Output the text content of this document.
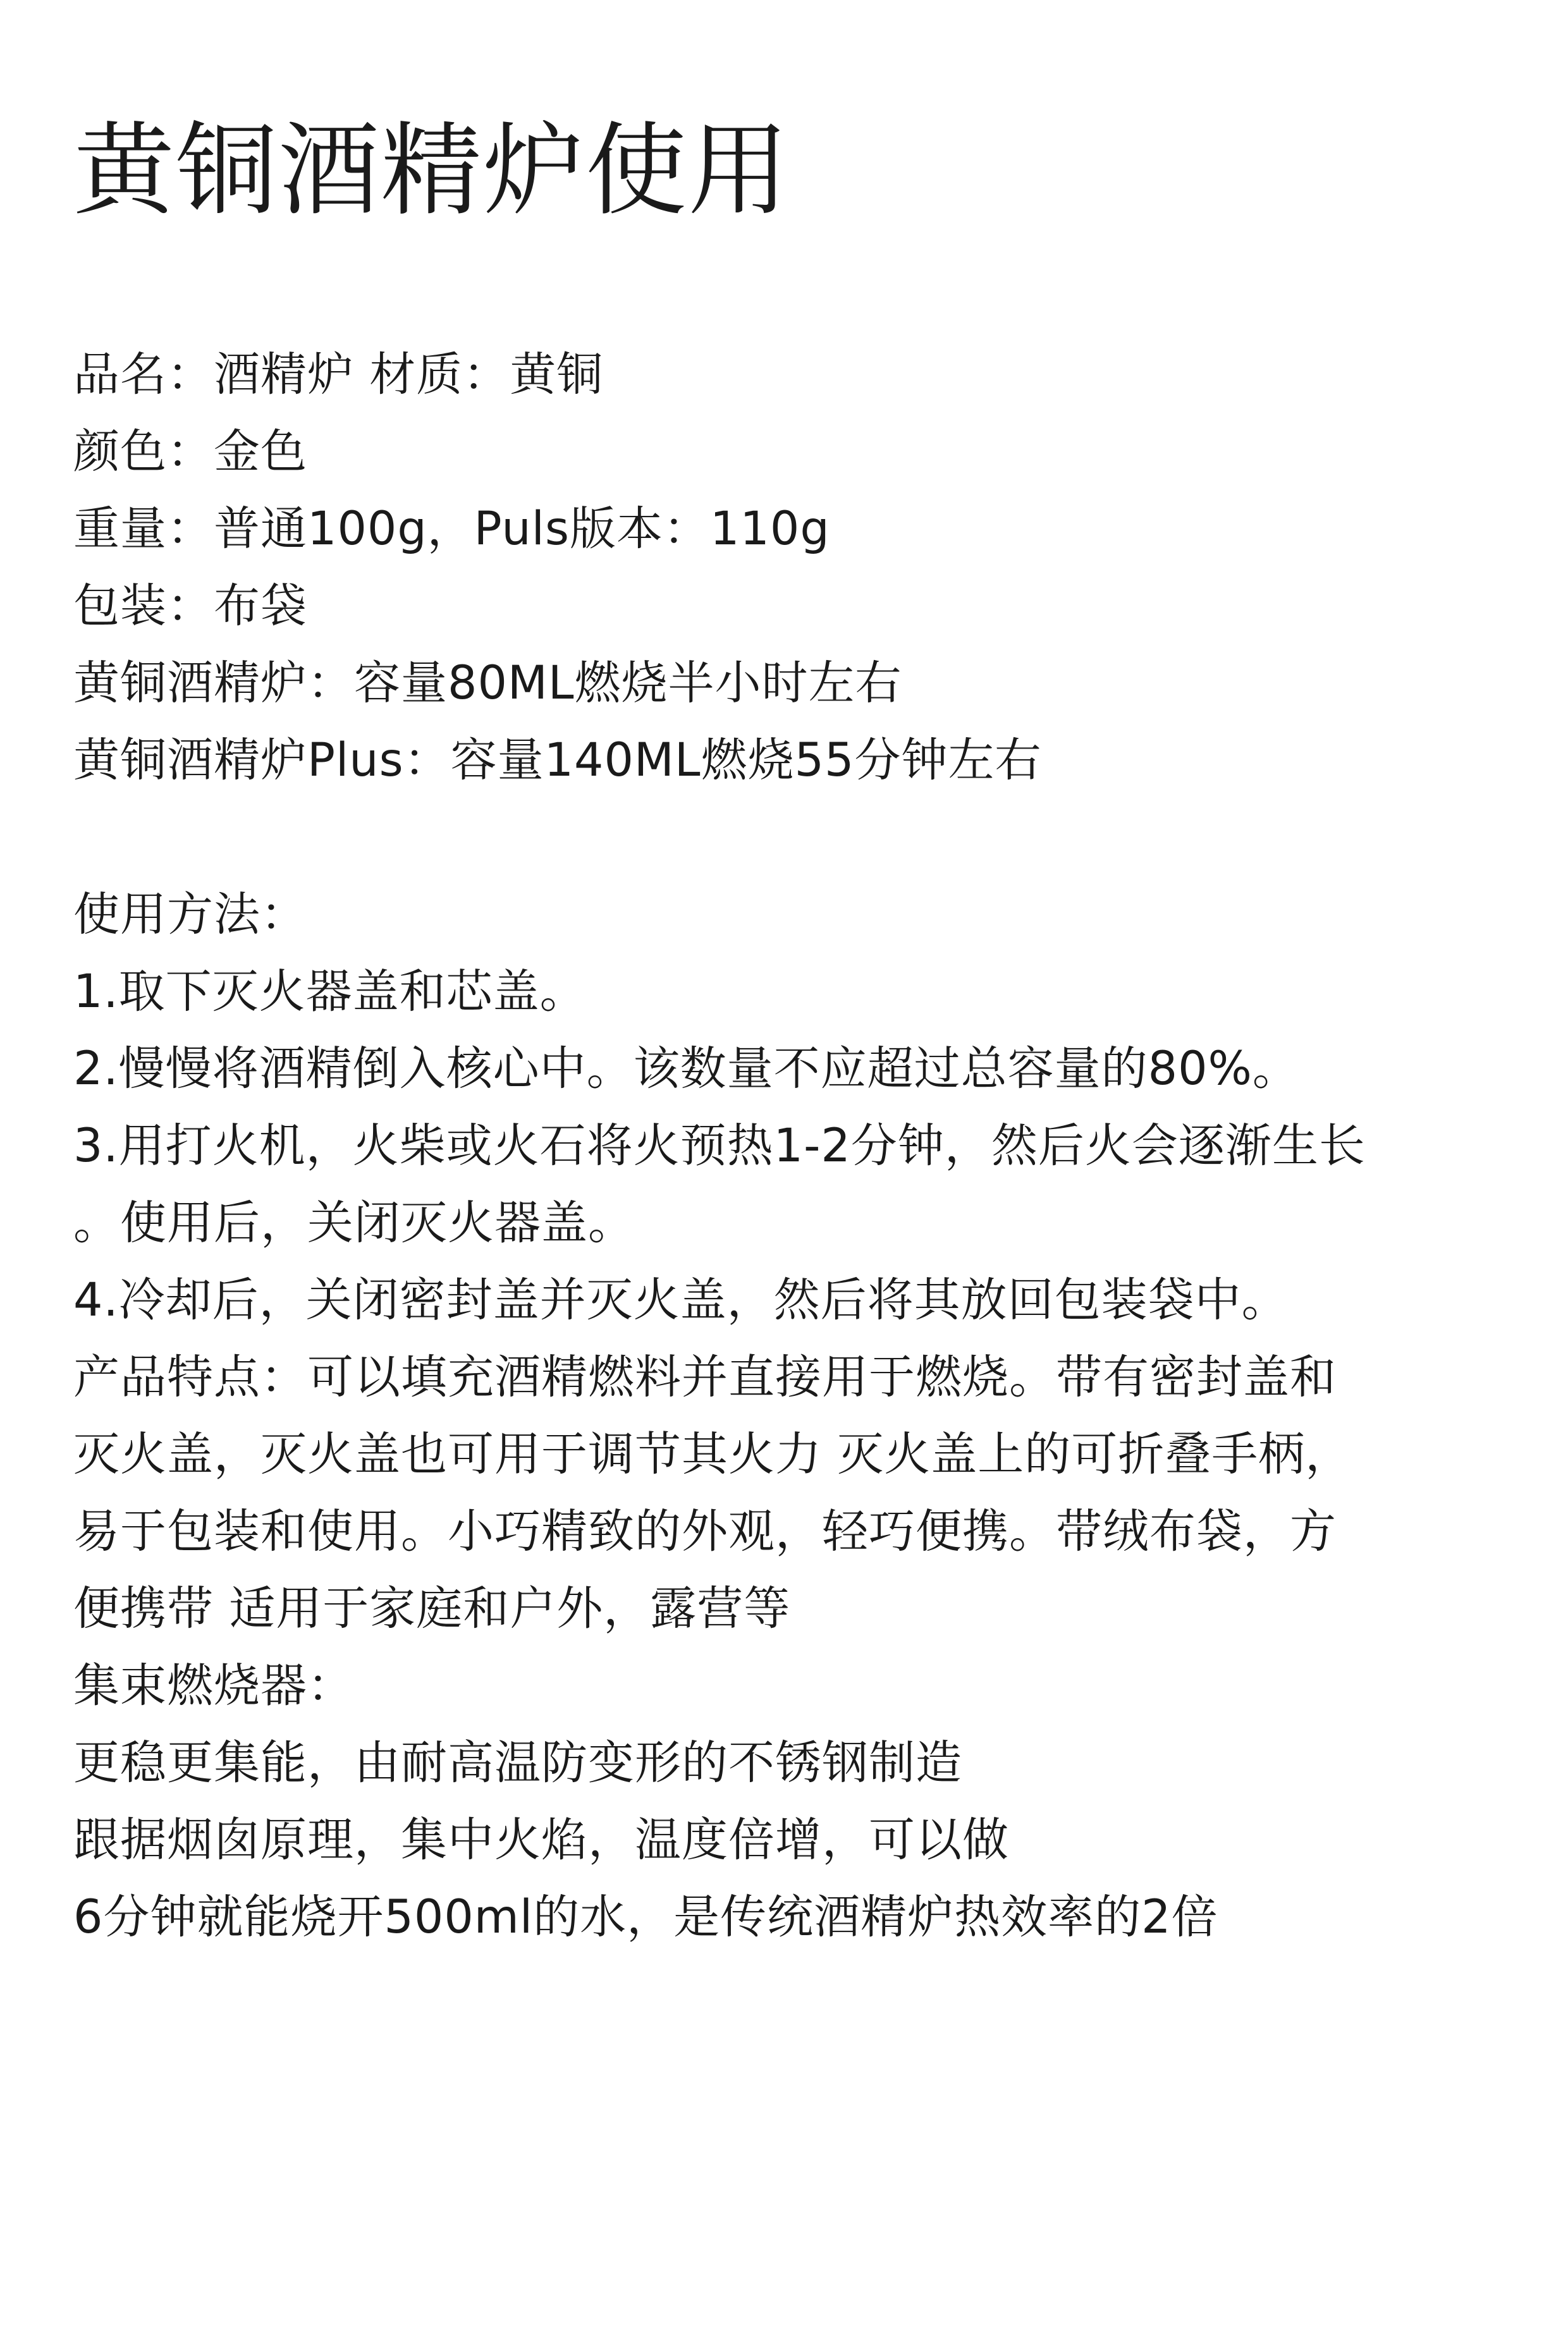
黄铜酒精炉使用
品名：酒精炉 材质：黄铜
颜色：金色
重量：普通100g，Puls版本：110g
包装：布袋
黄铜酒精炉：容量80ML燃烧半小时左右
黄铜酒精炉Plus：容量140ML燃烧55分钟左右
使用方法：
1.取下灭火器盖和芯盖。
2.慢慢将酒精倒入核心中。该数量不应超过总容量的80%。
3.用打火机，火柴或火石将火预热1-2分钟，然后火会逐渐生长
。使用后，关闭灭火器盖。
4.冷却后，关闭密封盖并灭火盖，然后将其放回包装袋中。
产品特点：可以填充酒精燃料并直接用于燃烧。带有密封盖和
灭火盖，灭火盖也可用于调节其火力 灭火盖上的可折叠手柄，
易于包装和使用。小巧精致的外观，轻巧便携。带绒布袋，方
便携带 适用于家庭和户外，露营等
集束燃烧器：
更稳更集能，由耐高温防变形的不锈钢制造
跟据烟囱原理，集中火焰，温度倍增，可以做
6分钟就能烧开500ml的水，是传统酒精炉热效率的2倍
